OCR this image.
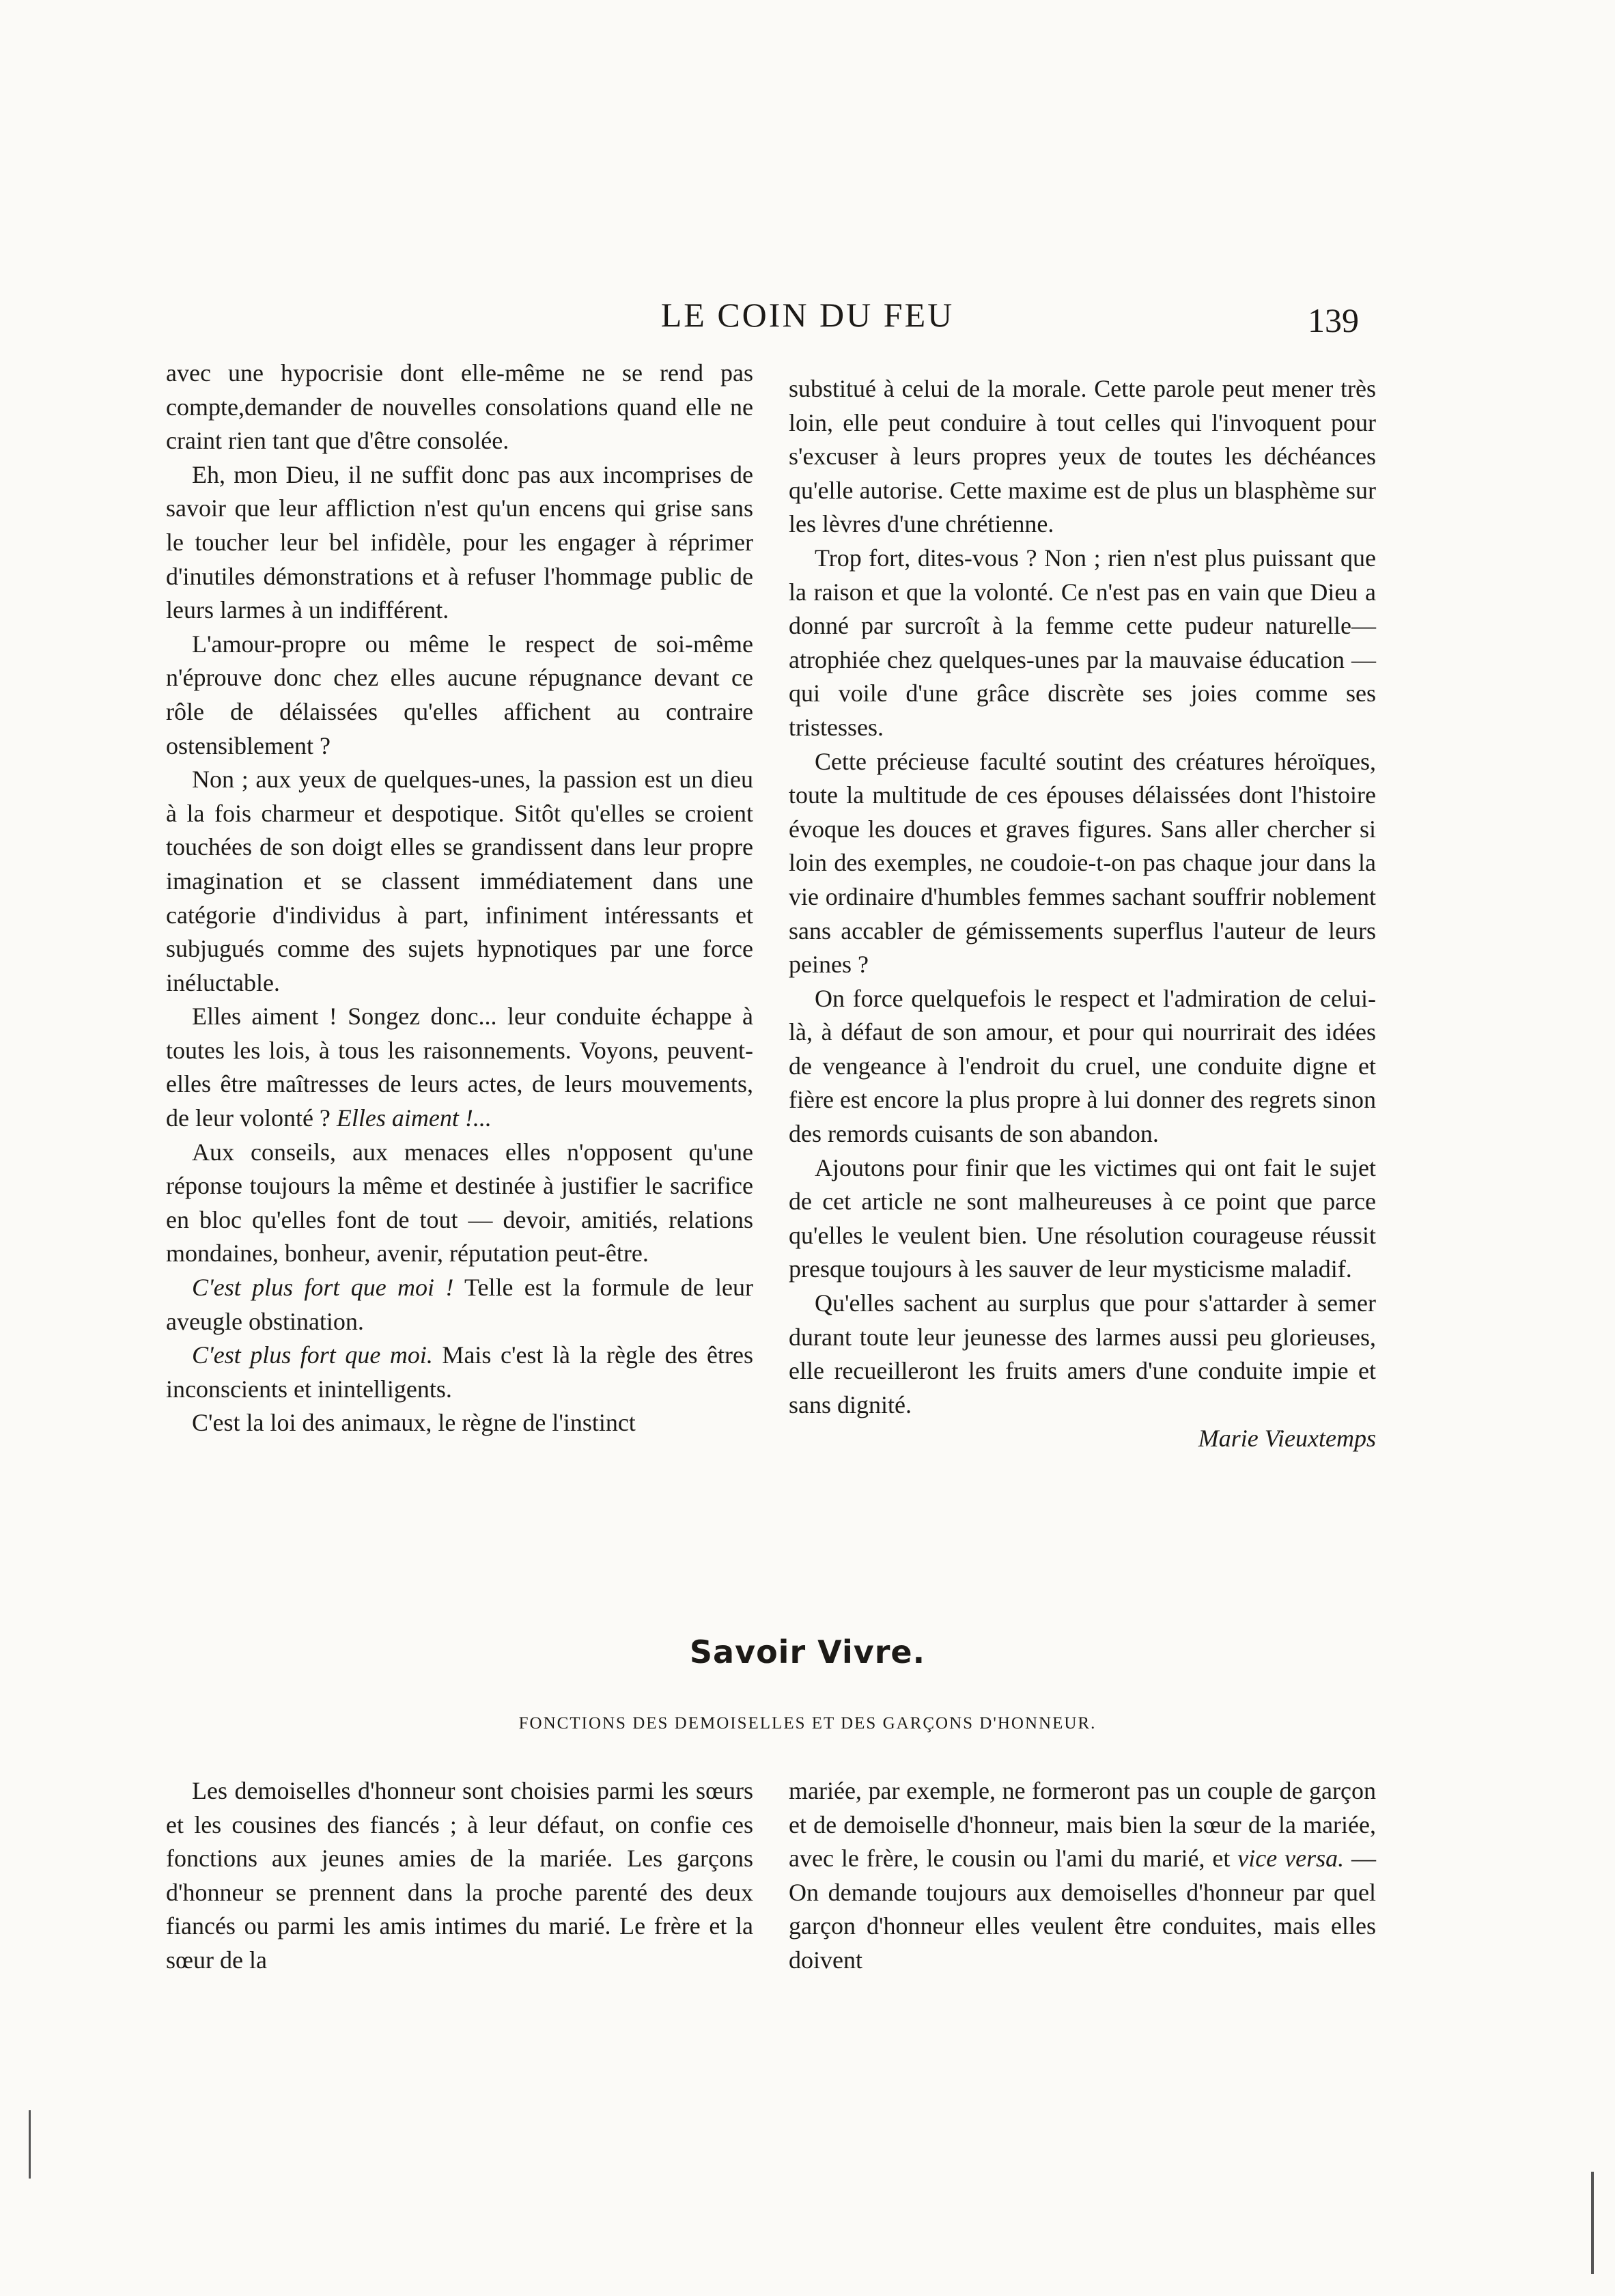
LE COIN DU FEU	139

avec une hypocrisie dont elle-même ne se rend pas compte,demander de nouvelles consolations quand elle ne craint rien tant que d'être consolée.

Eh, mon Dieu, il ne suffit donc pas aux incomprises de savoir que leur affliction n'est qu'un encens qui grise sans le toucher leur bel infidèle, pour les engager à réprimer d'inutiles démonstrations et à refuser l'hommage public de leurs larmes à un indifférent.

L'amour-propre ou même le respect de soi-même n'éprouve donc chez elles aucune répugnance devant ce rôle de délaissées qu'elles affichent au contraire ostensiblement ?

Non ; aux yeux de quelques-unes, la passion est un dieu à la fois charmeur et despotique. Sitôt qu'elles se croient touchées de son doigt elles se grandissent dans leur propre imagination et se classent immédiatement dans une catégorie d'individus à part, infiniment intéressants et subjugués comme des sujets hypnotiques par une force inéluctable.

Elles aiment ! Songez donc... leur conduite échappe à toutes les lois, à tous les raisonnements. Voyons, peuvent-elles être maîtresses de leurs actes, de leurs mouvements, de leur volonté ? Elles aiment !...

Aux conseils, aux menaces elles n'opposent qu'une réponse toujours la même et destinée à justifier le sacrifice en bloc qu'elles font de tout — devoir, amitiés, relations mondaines, bonheur, avenir, réputation peut-être.

C'est plus fort que moi ! Telle est la formule de leur aveugle obstination.

C'est plus fort que moi. Mais c'est là la règle des êtres inconscients et inintelligents.

C'est la loi des animaux, le règne de l'instinct

substitué à celui de la morale. Cette parole peut mener très loin, elle peut conduire à tout celles qui l'invoquent pour s'excuser à leurs propres yeux de toutes les déchéances qu'elle autorise. Cette maxime est de plus un blasphème sur les lèvres d'une chrétienne.

Trop fort, dites-vous ? Non ; rien n'est plus puissant que la raison et que la volonté. Ce n'est pas en vain que Dieu a donné par surcroît à la femme cette pudeur naturelle—atrophiée chez quelques-unes par la mauvaise éducation — qui voile d'une grâce discrète ses joies comme ses tristesses.

Cette précieuse faculté soutint des créatures héroïques, toute la multitude de ces épouses délaissées dont l'histoire évoque les douces et graves figures. Sans aller chercher si loin des exemples, ne coudoie-t-on pas chaque jour dans la vie ordinaire d'humbles femmes sachant souffrir noblement sans accabler de gémissements superflus l'auteur de leurs peines ?

On force quelquefois le respect et l'admiration de celui-là, à défaut de son amour, et pour qui nourrirait des idées de vengeance à l'endroit du cruel, une conduite digne et fière est encore la plus propre à lui donner des regrets sinon des remords cuisants de son abandon.

Ajoutons pour finir que les victimes qui ont fait le sujet de cet article ne sont malheureuses à ce point que parce qu'elles le veulent bien. Une résolution courageuse réussit presque toujours à les sauver de leur mysticisme maladif.

Qu'elles sachent au surplus que pour s'attarder à semer durant toute leur jeunesse des larmes aussi peu glorieuses, elle recueilleront les fruits amers d'une conduite impie et sans dignité.

Marie Vieuxtemps

Savoir Vivre.
FONCTIONS DES DEMOISELLES ET DES GARÇONS D'HONNEUR.

Les demoiselles d'honneur sont choisies parmi les sœurs et les cousines des fiancés ; à leur défaut, on confie ces fonctions aux jeunes amies de la mariée. Les garçons d'honneur se prennent dans la proche parenté des deux fiancés ou parmi les amis intimes du marié. Le frère et la sœur de la

mariée, par exemple, ne formeront pas un couple de garçon et de demoiselle d'honneur, mais bien la sœur de la mariée, avec le frère, le cousin ou l'ami du marié, et vice versa. — On demande toujours aux demoiselles d'honneur par quel garçon d'honneur elles veulent être conduites, mais elles doivent
